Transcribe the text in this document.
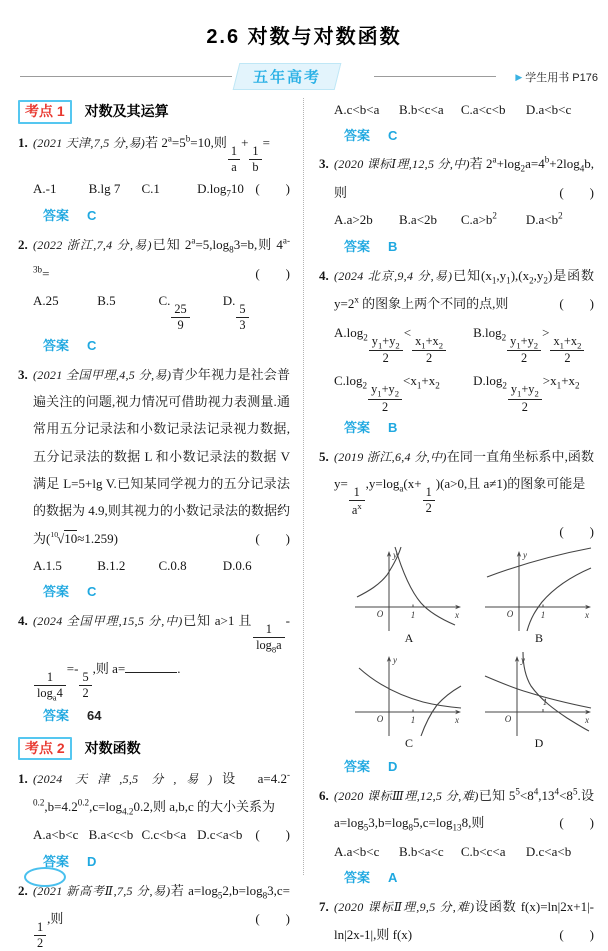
2.6 对数与对数函数
五年高考	▶ 学生用书 P176
考点 1 对数及其运算
1. (2021 天津,7,5 分,易)若 $2^a=5^b=10$,则
$\frac{1}{a}$
+
$\frac{1}{b}$
=
(　　)
A.-1	B.lg 7	C.1	$D.\log_710$
答案 C
2. (2022 浙江,7,4 分,易)已知 $2^a=5,\log_83=b$,则 $4^{a-3b}=$	(　　)
A.25	B.5	C.
$\frac{25}{9}$
D.
$\frac{5}{3}$
答案 C
3. (2021 全国甲理,4,5 分,易)青少年视力是社会普遍关注的问题,视力情况可借助视力表测量.通常用五分记录法和小数记录法记录视力数据,五分记录法的数据 L 和小数记录法的数据 V 满足 L=5+lg V.已知某同学视力的五分记录法的数据为 4.9,则其视力的小数记录法的数据约为($^{10}$√10≈1.259)	(　　)
A.1.5	B.1.2	C.0.8	D.0.6
答案 C
4. (2024 全国甲理,15,5 分,中)已知 a>1 且
$\frac{1}{\log_8a}$
-
$\frac{1}{\log_a4}$
=-
$\frac{5}{2}$
,则 a=	.
答案 64
考点 2 对数函数
1. (2024 天津,5,5 分,易)设 $a=4.2^{-0.2},b=4.2^{0.2},c=\log_{4.2}0.2$,则 a,b,c 的大小关系为
(　　)
A.a<b<c B.a<c<b C.c<b<a D.c<a<b
答案 D
2. (2021 新高考Ⅱ,7,5 分,易)若 $a=\log_52,b=\log_83,c=$
$\frac{1}{2}$
,则	(　　)
A.c<b<a	B.b<c<a	C.a<c<b	D.a<b<c
答案 C
3. (2020 课标Ⅰ理,12,5 分,中)若 $2^a+\log_2a=4^b+2\log_4b$,则	(　　)
A.a>2b	B.a<2b	$C.a>b^2$	$D.a<b^2$
答案 B
4. (2024 北京,9,4 分,易)已知$(x_1,y_1),(x_2,y_2)$是函数 $y=2^x$ 的图象上两个不同的点,则	(　　)
$A.\log_2 \frac{y_1+y_2}{2}$
<
$\frac{x_1+x_2}{2}$
$B.\log_2 \frac{y_1+y_2}{2}$
>
$\frac{x_1+x_2}{2}$
$C.\log_2 \frac{y_1+y_2}{2}$
$<x_1+x_2$	$D.\log_2 \frac{y_1+y_2}{2}$
$>x_1+x_2$
答案 B
5. (2019 浙江,6,4 分,中)在同一直角坐标系中,函数 y=
$\frac{1}{a^x}$
$,y=\log_a(x+$
$\frac{1}{2}$
)(a>0,且 a≠1)的图象可能是
(　　)
O	1	x
y
A
O	1	x
y
B
O	1	x
y
C
O
1
x
y
D
答案 D
6. (2020 课标Ⅲ理,12,5 分,难)已知 $5^5<8^4,13^4<8^5$.设 $a=\log_53,b=\log_85,c=\log_{13}8$,则	(　　)
A.a<b<c	B.b<a<c	C.b<c<a	D.c<a<b
答案 A
7. (2020 课标Ⅱ理,9,5 分,难)设函数 f(x)=ln|2x+1|-ln|2x-1|,则 f(x)	(　　)
